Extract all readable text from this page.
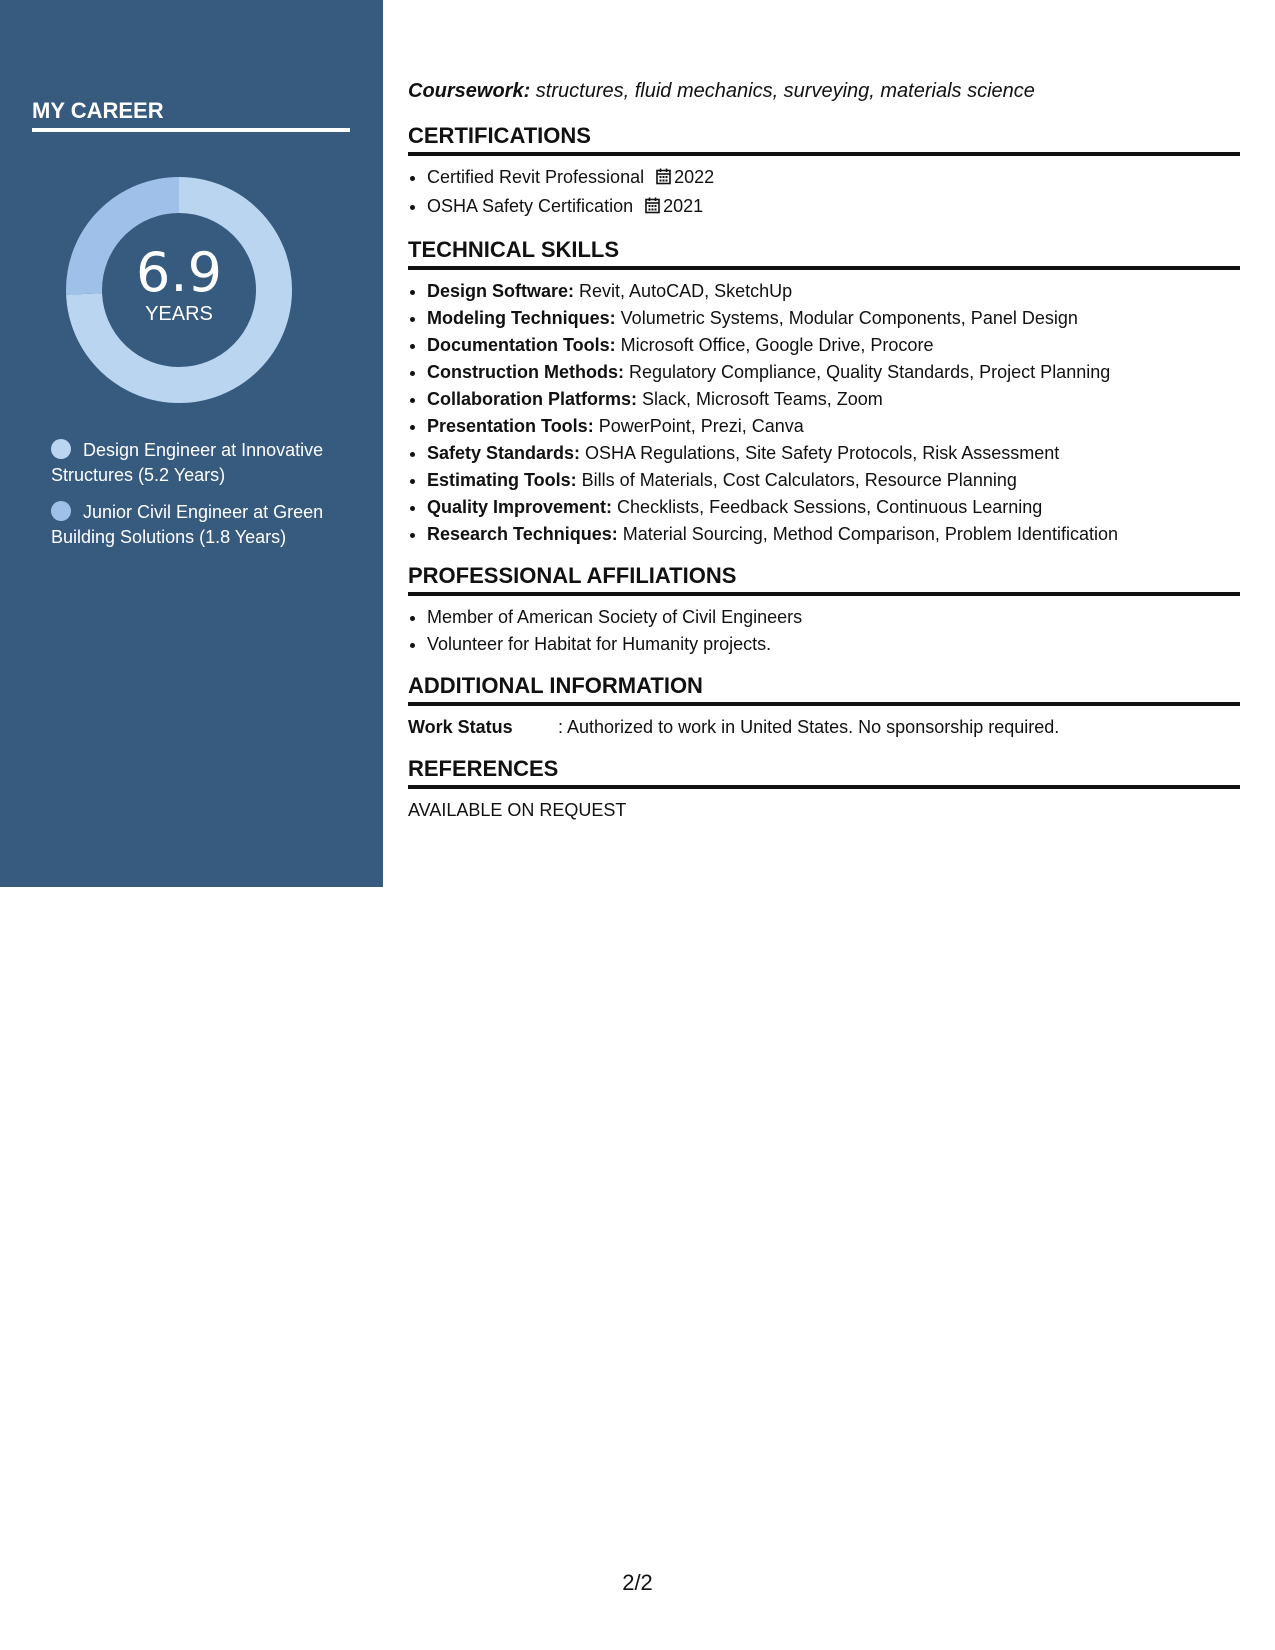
MY CAREER
6.9
YEARS
Design Engineer at Innovative Structures (5.2 Years)
Junior Civil Engineer at Green Building Solutions (1.8 Years)
Coursework: structures, fluid mechanics, surveying, materials science
CERTIFICATIONS
• Certified Revit Professional 2022
• OSHA Safety Certification 2021
TECHNICAL SKILLS
• Design Software: Revit, AutoCAD, SketchUp
• Modeling Techniques: Volumetric Systems, Modular Components, Panel Design
• Documentation Tools: Microsoft Office, Google Drive, Procore
• Construction Methods: Regulatory Compliance, Quality Standards, Project Planning
• Collaboration Platforms: Slack, Microsoft Teams, Zoom
• Presentation Tools: PowerPoint, Prezi, Canva
• Safety Standards: OSHA Regulations, Site Safety Protocols, Risk Assessment
• Estimating Tools: Bills of Materials, Cost Calculators, Resource Planning
• Quality Improvement: Checklists, Feedback Sessions, Continuous Learning
• Research Techniques: Material Sourcing, Method Comparison, Problem Identification
PROFESSIONAL AFFILIATIONS
• Member of American Society of Civil Engineers
• Volunteer for Habitat for Humanity projects.
ADDITIONAL INFORMATION
Work Status	: Authorized to work in United States. No sponsorship required.
REFERENCES
AVAILABLE ON REQUEST
2/2
